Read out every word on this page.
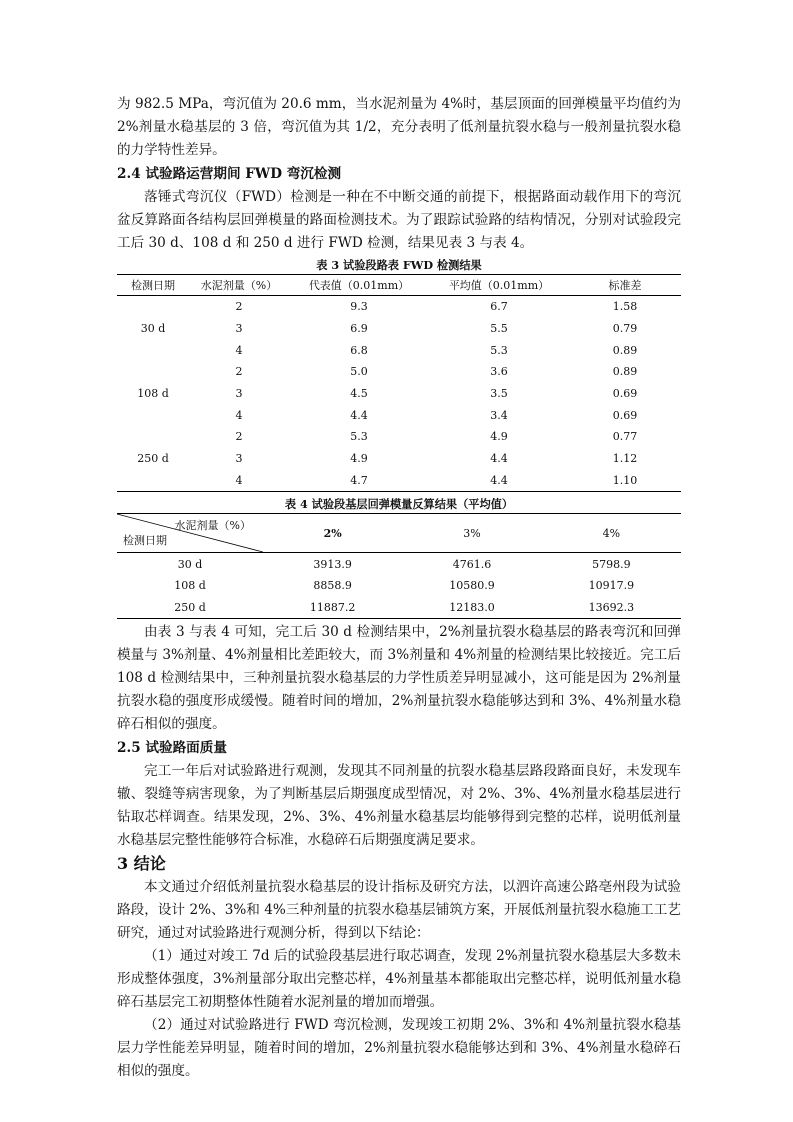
为 982.5 MPa，弯沉值为 20.6 mm，当水泥剂量为 4%时，基层顶面的回弹模量平均值约为 2%剂量水稳基层的 3 倍，弯沉值为其 1/2，充分表明了低剂量抗裂水稳与一般剂量抗裂水稳的力学特性差异。

2.4 试验路运营期间 FWD 弯沉检测

落锤式弯沉仪（FWD）检测是一种在不中断交通的前提下，根据路面动载作用下的弯沉盆反算路面各结构层回弹模量的路面检测技术。为了跟踪试验路的结构情况，分别对试验段完工后 30 d、108 d 和 250 d 进行 FWD 检测，结果见表 3 与表 4。

表 3 试验段路表 FWD 检测结果
检测日期	水泥剂量（%）	代表值（0.01mm）	平均值（0.01mm）	标准差
30 d	2	9.3	6.7	1.58
	3	6.9	5.5	0.79
	4	6.8	5.3	0.89
108 d	2	5.0	3.6	0.89
	3	4.5	3.5	0.69
	4	4.4	3.4	0.69
250 d	2	5.3	4.9	0.77
	3	4.9	4.4	1.12
	4	4.7	4.4	1.10
表 4 试验段基层回弹模量反算结果（平均值）
水泥剂量（%）
检测日期	2%	3%	4%
30 d	3913.9	4761.6	5798.9
108 d	8858.9	10580.9	10917.9
250 d	11887.2	12183.0	13692.3

由表 3 与表 4 可知，完工后 30 d 检测结果中，2%剂量抗裂水稳基层的路表弯沉和回弹模量与 3%剂量、4%剂量相比差距较大，而 3%剂量和 4%剂量的检测结果比较接近。完工后 108 d 检测结果中，三种剂量抗裂水稳基层的力学性质差异明显减小，这可能是因为 2%剂量抗裂水稳的强度形成缓慢。随着时间的增加，2%剂量抗裂水稳能够达到和 3%、4%剂量水稳碎石相似的强度。

2.5 试验路面质量

完工一年后对试验路进行观测，发现其不同剂量的抗裂水稳基层路段路面良好，未发现车辙、裂缝等病害现象，为了判断基层后期强度成型情况，对 2%、3%、4%剂量水稳基层进行钻取芯样调查。结果发现，2%、3%、4%剂量水稳基层均能够得到完整的芯样，说明低剂量水稳基层完整性能够符合标准，水稳碎石后期强度满足要求。

3 结论

本文通过介绍低剂量抗裂水稳基层的设计指标及研究方法，以泗许高速公路亳州段为试验路段，设计 2%、3%和 4%三种剂量的抗裂水稳基层铺筑方案，开展低剂量抗裂水稳施工工艺研究，通过对试验路进行观测分析，得到以下结论：

（1）通过对竣工 7d 后的试验段基层进行取芯调查，发现 2%剂量抗裂水稳基层大多数未形成整体强度，3%剂量部分取出完整芯样，4%剂量基本都能取出完整芯样，说明低剂量水稳碎石基层完工初期整体性随着水泥剂量的增加而增强。

（2）通过对试验路进行 FWD 弯沉检测，发现竣工初期 2%、3%和 4%剂量抗裂水稳基层力学性能差异明显，随着时间的增加，2%剂量抗裂水稳能够达到和 3%、4%剂量水稳碎石相似的强度。
